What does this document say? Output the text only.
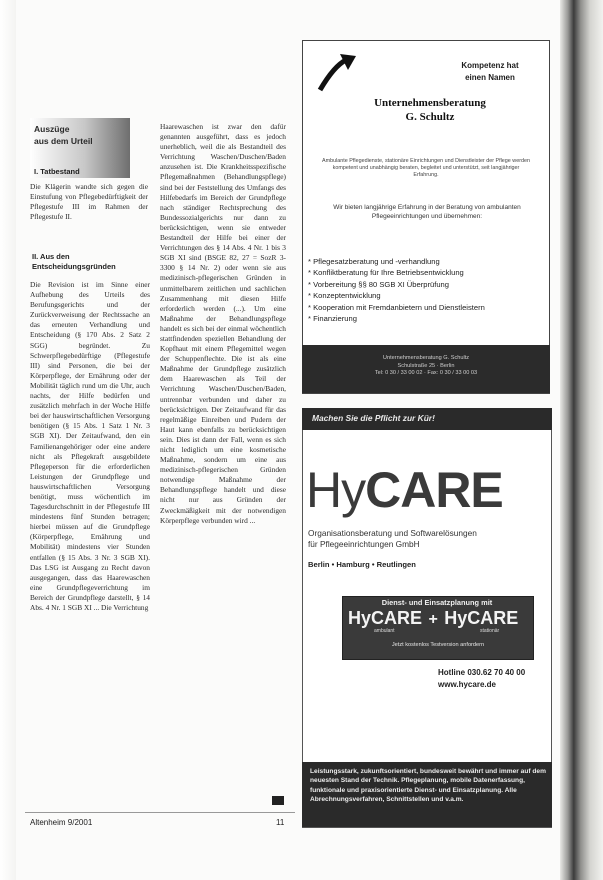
Auszüge
aus dem Urteil
I. Tatbestand
Die Klägerin wandte sich gegen die Einstufung von Pflegebedürftigkeit der Pflegestufe III im Rahmen der Pflegestufe II.
II. Aus den
Entscheidungsgründen
Die Revision ist im Sinne einer Aufhebung des Urteils des Berufungsgerichts und der Zurückverweisung der Rechtssache an das erneuten Verhandlung und Entscheidung (§ 170 Abs. 2 Satz 2 SGG) begründet. Zu Schwerpflegebedürftige (Pflegestufe III) sind Personen, die bei der Körperpflege, der Ernährung oder der Mobilität täglich rund um die Uhr, auch nachts, der Hilfe bedürfen und zusätzlich mehrfach in der Woche Hilfe bei der hauswirtschaftlichen Versorgung benötigen (§ 15 Abs. 1 Satz 1 Nr. 3 SGB XI). Der Zeitaufwand, den ein Familienangehöriger oder eine andere nicht als Pflegekraft ausgebildete Pflegeperson für die erforderlichen Leistungen der Grundpflege und hauswirtschaftlichen Versorgung benötigt, muss wöchentlich im Tagesdurchschnitt in der Pflegestufe III mindestens fünf Stunden betragen; hierbei müssen auf die Grundpflege (Körperpflege, Ernährung und Mobilität) mindestens vier Stunden entfallen (§ 15 Abs. 3 Nr. 3 SGB XI). Das LSG ist Ausgang zu Recht davon ausgegangen, dass das Haarewaschen eine Grundpflegeverrichtung im Bereich der Grundpflege darstellt, § 14 Abs. 4 Nr. 1 SGB XI ... Die Verrichtung
Altenheim 9/2001	11
Haarewaschen ist zwar den dafür genannten ausgeführt, dass es jedoch unerheblich, weil die als Bestandteil des Verrichtung Waschen/Duschen/Baden anzusehen ist. Die Krankheitsspezifische Pflegemaßnahmen (Behandlungspflege) sind bei der Feststellung des Umfangs des Hilfebedarfs im Bereich der Grundpflege nach ständiger Rechtsprechung des Bundessozialgerichts nur dann zu berücksichtigen, wenn sie entweder Bestandteil der Hilfe bei einer der Verrichtungen des § 14 Abs. 4 Nr. 1 bis 3 SGB XI sind (BSGE 82, 27 = SozR 3-3300 § 14 Nr. 2) oder wenn sie aus medizinisch-pflegerischen Gründen in unmittelbarem zeitlichen und sachlichen Zusammenhang mit diesen Hilfe erforderlich werden (...). Um eine Maßnahme der Behandlungspflege handelt es sich bei der einmal wöchentlich stattfindenden speziellen Behandlung der Kopfhaut mit einem Pflegemittel wegen der Schuppenflechte. Die ist als eine Maßnahme der Grundpflege zusätzlich dem Haarewaschen als Teil der Verrichtung Waschen/Duschen/Baden, untrennbar verbunden und daher zu berücksichtigen. Der Zeitaufwand für das regelmäßige Einreiben und Pudern der Haut kann ebenfalls zu berücksichtigen sein. Dies ist dann der Fall, wenn es sich nicht lediglich um eine kosmetische Maßnahme, sondern um eine aus medizinisch-pflegerischen Gründen notwendige Maßnahme der Behandlungspflege handelt und diese nicht nur aus Gründen der Zweckmäßigkeit mit der notwendigen Körperpflege verbunden wird ...
Kompetenz hat
einen Namen
Unternehmensberatung
G. Schultz
Ambulante Pflegedienste, stationäre Einrichtungen und Dienstleister der Pflege werden kompetent und unabhängig beraten, begleitet und unterstützt, seit langjähriger Erfahrung.
Wir bieten langjährige Erfahrung in der Beratung von ambulanten Pflegeeinrichtungen und übernehmen:
* Pflegesatzberatung und -verhandlung
* Konfliktberatung für Ihre Betriebsentwicklung
* Vorbereitung §§ 80 SGB XI Überprüfung
* Konzeptentwicklung
* Kooperation mit Fremdanbietern und Dienstleistern
* Finanzierung
Unternehmensberatung G. Schultz
Schulstraße 25 · Berlin
Tel: 0 30 / 33 00 02 · Fax: 0 30 / 33 00 03
Machen Sie die Pflicht zur Kür!
HyCARE
Organisationsberatung und Softwarelösungen
für Pflegeeinrichtungen GmbH
Berlin • Hamburg • Reutlingen
Dienst- und Einsatzplanung mit
HyCARE + HyCARE
ambulant	stationär
Jetzt kostenlos Testversion anfordern
Hotline 030.62 70 40 00
www.hycare.de
Leistungsstark, zukunftsorientiert, bundesweit bewährt und immer auf dem neuesten Stand der Technik. Pflegeplanung, mobile Datenerfassung, funktionale und praxisorientierte Dienst- und Einsatzplanung. Alle Abrechnungsverfahren, Schnittstellen und v.a.m.
